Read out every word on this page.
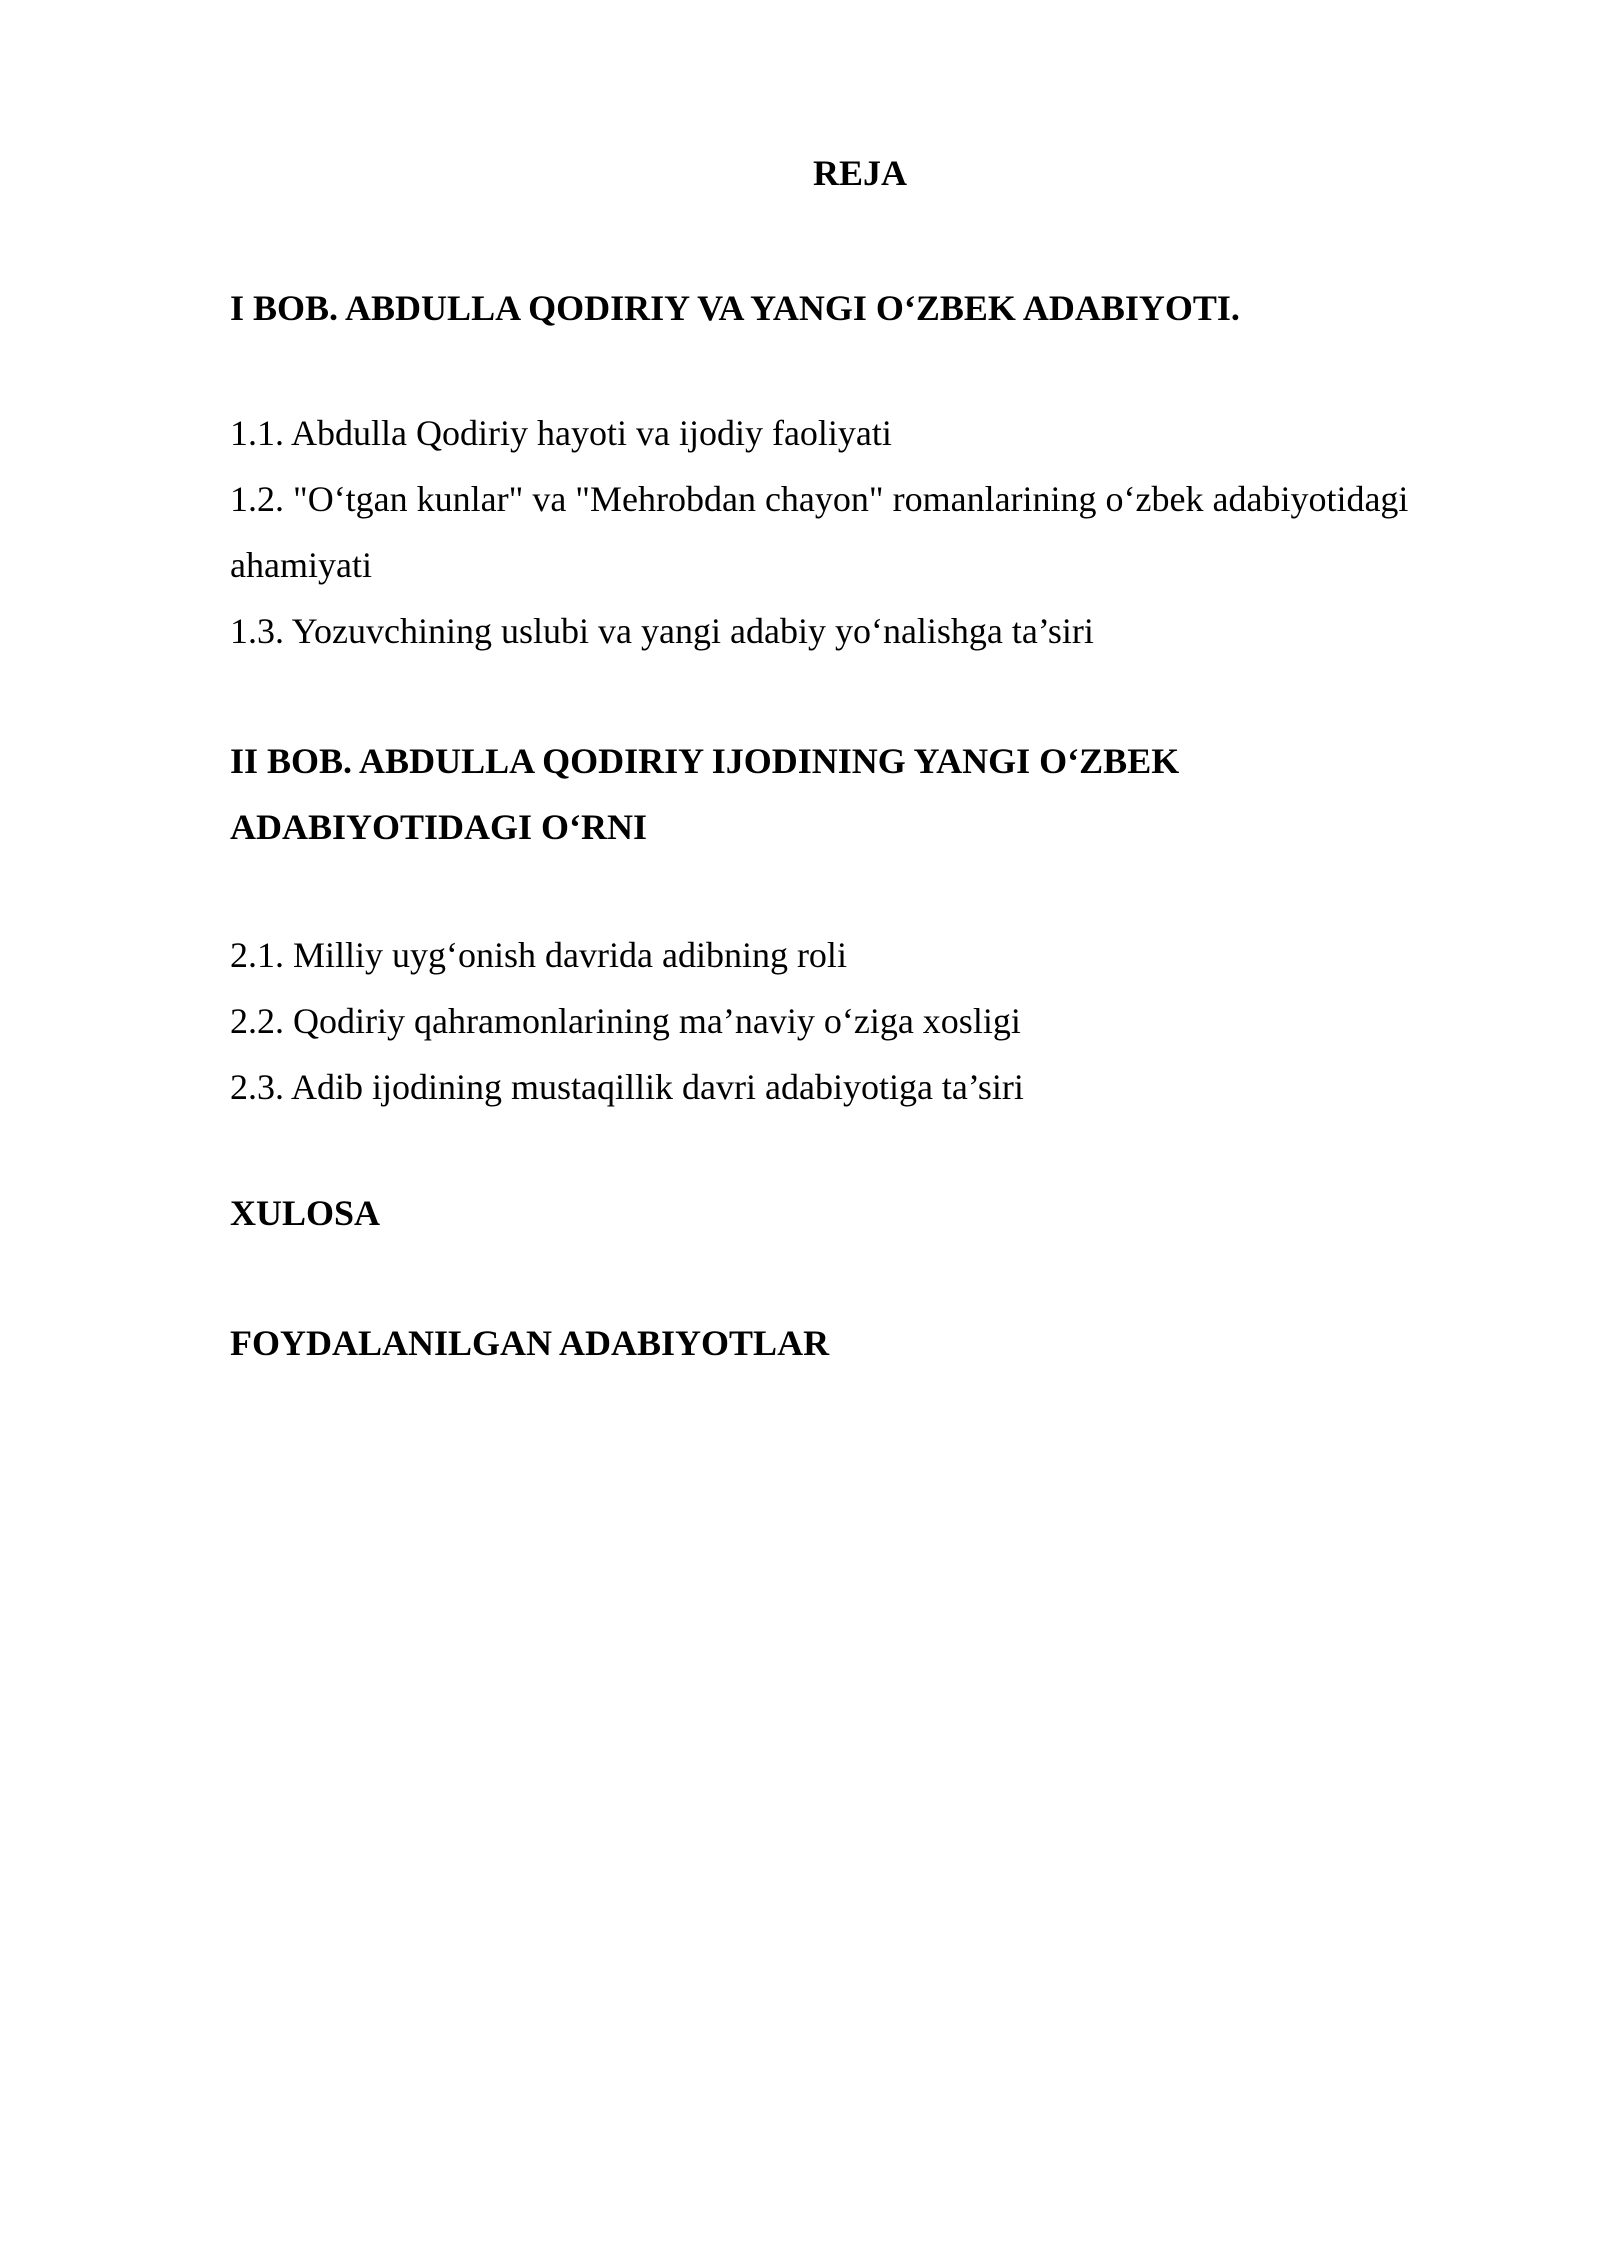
REJA

I BOB. ABDULLA QODIRIY VA YANGI O‘ZBEK ADABIYOTI.

1.1. Abdulla Qodiriy hayoti va ijodiy faoliyati

1.2. "O‘tgan kunlar" va "Mehrobdan chayon" romanlarining o‘zbek adabiyotidagi

ahamiyati

1.3. Yozuvchining uslubi va yangi adabiy yo‘nalishga ta’siri

II BOB. ABDULLA QODIRIY IJODINING YANGI O‘ZBEK

ADABIYOTIDAGI O‘RNI

2.1. Milliy uyg‘onish davrida adibning roli

2.2. Qodiriy qahramonlarining ma’naviy o‘ziga xosligi

2.3. Adib ijodining mustaqillik davri adabiyotiga ta’siri

XULOSA

FOYDALANILGAN ADABIYOTLAR
